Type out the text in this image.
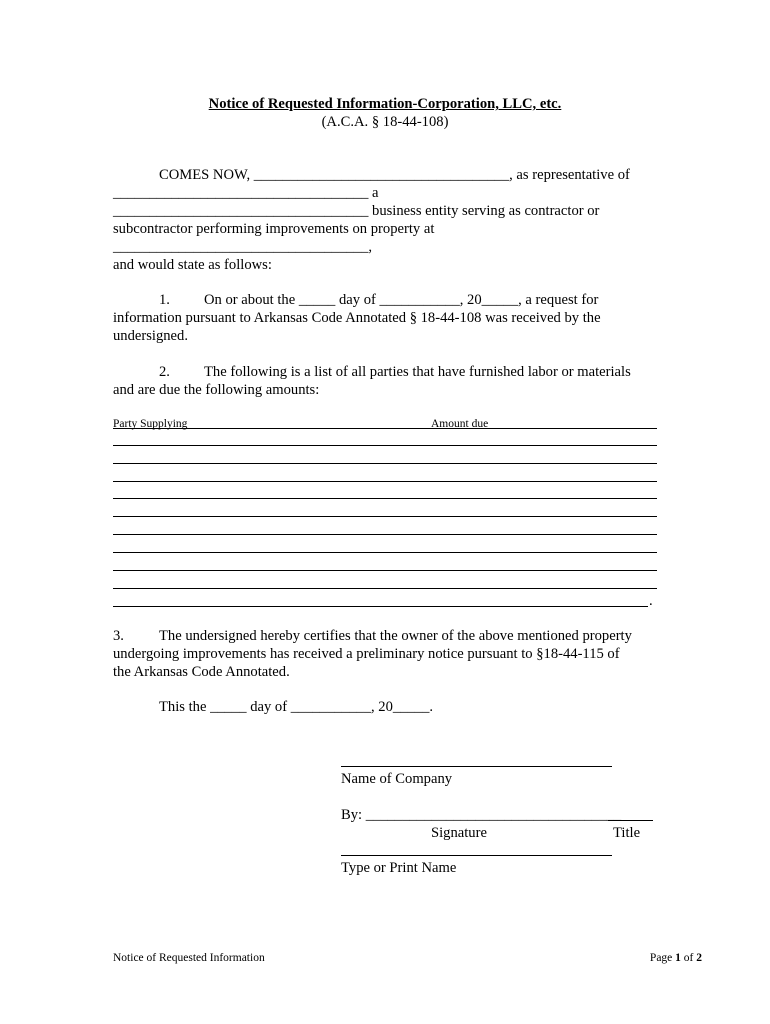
Notice of Requested Information-Corporation, LLC, etc.
(A.C.A. § 18-44-108)
COMES NOW, ___________________________________, as representative of
___________________________________ a
___________________________________ business entity serving as contractor or
subcontractor performing improvements on property at
___________________________________,
and would state as follows:
1. On or about the _____ day of ___________, 20_____, a request for
information pursuant to Arkansas Code Annotated § 18-44-108 was received by the
undersigned.
2. The following is a list of all parties that have furnished labor or materials
and are due the following amounts:
Party Supplying	Amount due
.
3. The undersigned hereby certifies that the owner of the above mentioned property
undergoing improvements has received a preliminary notice pursuant to §18-44-115 of
the Arkansas Code Annotated.
This the _____ day of ___________, 20_____.
Name of Company
By: ___________________________________
Signature	Title
Type or Print Name
Notice of Requested Information	Page 1 of 2
